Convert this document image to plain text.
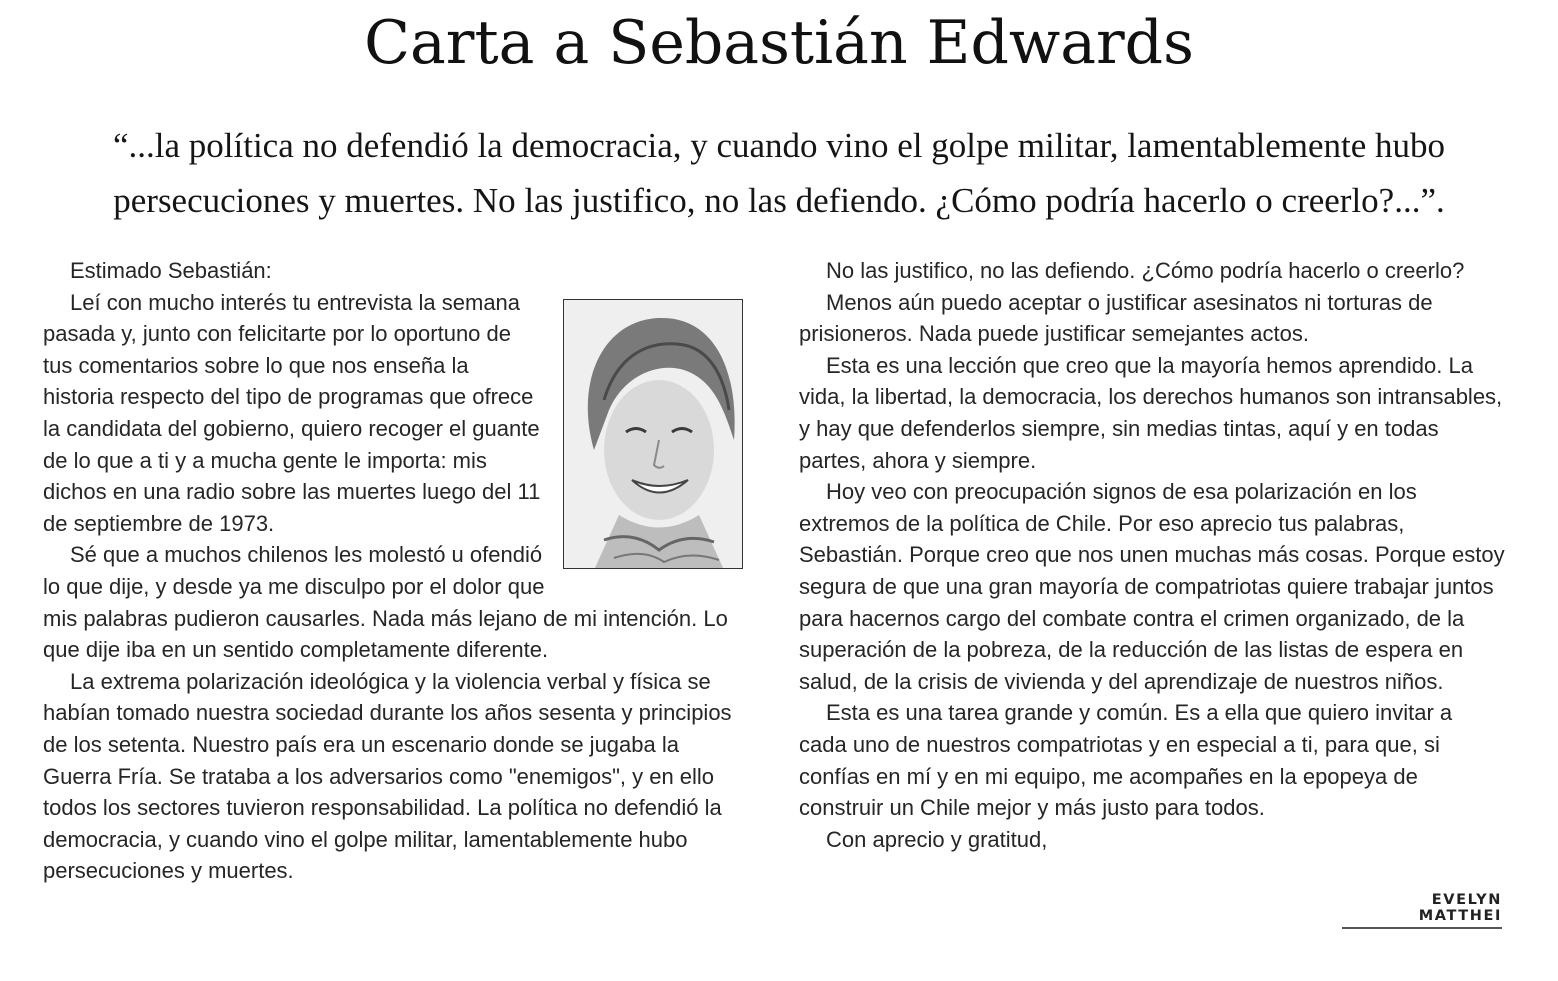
Carta a Sebastián Edwards

“...la política no defendió la democracia, y cuando vino el golpe militar, lamentablemente hubo persecuciones y muertes. No las justifico, no las defiendo. ¿Cómo podría hacerlo o creerlo?...”.

Estimado Sebastián:

Leí con mucho interés tu entrevista la semana pasada y, junto con felicitarte por lo oportuno de tus comentarios sobre lo que nos enseña la historia respecto del tipo de programas que ofrece la candidata del gobierno, quiero recoger el guante de lo que a ti y a mucha gente le importa: mis dichos en una radio sobre las muertes luego del 11 de septiembre de 1973.

Sé que a muchos chilenos les molestó u ofendió lo que dije, y desde ya me disculpo por el dolor que mis palabras pudieron causarles. Nada más lejano de mi intención. Lo que dije iba en un sentido completamente diferente.

La extrema polarización ideológica y la violencia verbal y física se habían tomado nuestra sociedad durante los años sesenta y principios de los setenta. Nuestro país era un escenario donde se jugaba la Guerra Fría. Se trataba a los adversarios como "enemigos", y en ello todos los sectores tuvieron responsabilidad. La política no defendió la democracia, y cuando vino el golpe militar, lamentablemente hubo persecuciones y muertes.

No las justifico, no las defiendo. ¿Cómo podría hacerlo o creerlo?

Menos aún puedo aceptar o justificar asesinatos ni torturas de prisioneros. Nada puede justificar semejantes actos.

Esta es una lección que creo que la mayoría hemos aprendido. La vida, la libertad, la democracia, los derechos humanos son intransables, y hay que defenderlos siempre, sin medias tintas, aquí y en todas partes, ahora y siempre.

Hoy veo con preocupación signos de esa polarización en los extremos de la política de Chile. Por eso aprecio tus palabras, Sebastián. Porque creo que nos unen muchas más cosas. Porque estoy segura de que una gran mayoría de compatriotas quiere trabajar juntos para hacernos cargo del combate contra el crimen organizado, de la superación de la pobreza, de la reducción de las listas de espera en salud, de la crisis de vivienda y del aprendizaje de nuestros niños.

Esta es una tarea grande y común. Es a ella que quiero invitar a cada uno de nuestros compatriotas y en especial a ti, para que, si confías en mí y en mi equipo, me acompañes en la epopeya de construir un Chile mejor y más justo para todos.

Con aprecio y gratitud,

EVELYN MATTHEI
